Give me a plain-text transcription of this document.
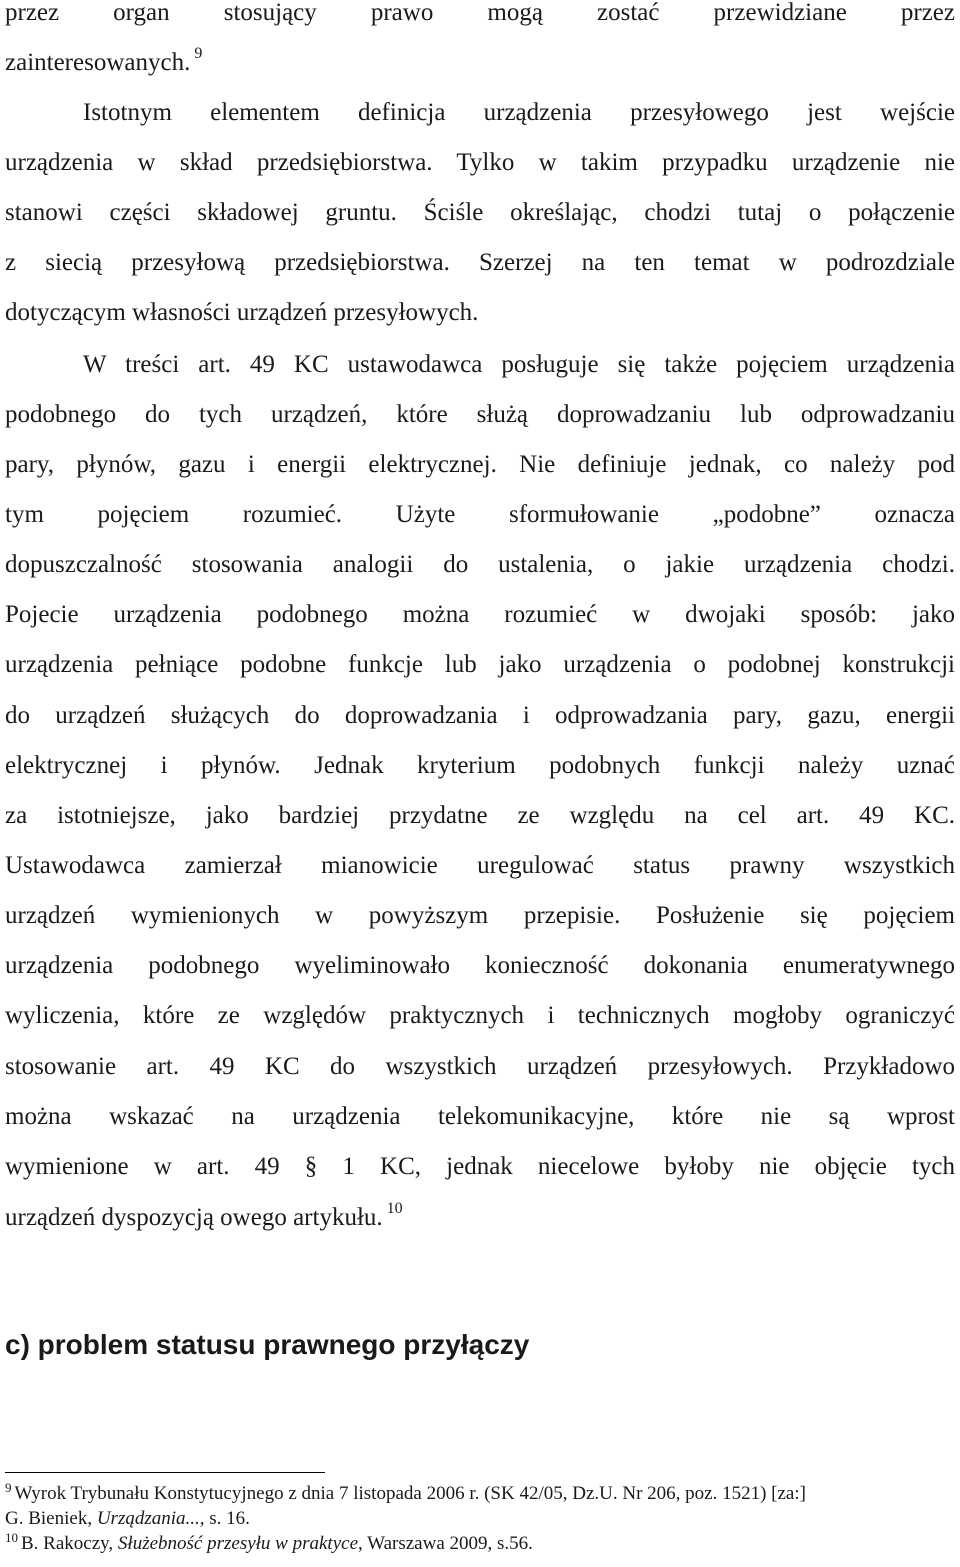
przez organ stosujący prawo mogą zostać przewidziane przez
zainteresowanych. $^9$
Istotnym elementem definicja urządzenia przesyłowego jest wejście
urządzenia w skład przedsiębiorstwa. Tylko w takim przypadku urządzenie nie
stanowi części składowej gruntu. Ściśle określając, chodzi tutaj o połączenie
z siecią przesyłową przedsiębiorstwa. Szerzej na ten temat w podrozdziale
dotyczącym własności urządzeń przesyłowych.
W treści art. 49 KC ustawodawca posługuje się także pojęciem urządzenia
podobnego do tych urządzeń, które służą doprowadzaniu lub odprowadzaniu
pary, płynów, gazu i energii elektrycznej. Nie definiuje jednak, co należy pod
tym pojęciem rozumieć. Użyte sformułowanie „podobne” oznacza
dopuszczalność stosowania analogii do ustalenia, o jakie urządzenia chodzi.
Pojecie urządzenia podobnego można rozumieć w dwojaki sposób: jako
urządzenia pełniące podobne funkcje lub jako urządzenia o podobnej konstrukcji
do urządzeń służących do doprowadzania i odprowadzania pary, gazu, energii
elektrycznej i płynów. Jednak kryterium podobnych funkcji należy uznać
za istotniejsze, jako bardziej przydatne ze względu na cel art. 49 KC.
Ustawodawca zamierzał mianowicie uregulować status prawny wszystkich
urządzeń wymienionych w powyższym przepisie. Posłużenie się pojęciem
urządzenia podobnego wyeliminowało konieczność dokonania enumeratywnego
wyliczenia, które ze względów praktycznych i technicznych mogłoby ograniczyć
stosowanie art. 49 KC do wszystkich urządzeń przesyłowych. Przykładowo
można wskazać na urządzenia telekomunikacyjne, które nie są wprost
wymienione w art. 49 § 1 KC, jednak niecelowe byłoby nie objęcie tych
urządzeń dyspozycją owego artykułu. $^{10}$
c) problem statusu prawnego przyłączy
$^9$ Wyrok Trybunału Konstytucyjnego z dnia 7 listopada 2006 r. (SK 42/05, Dz.U. Nr 206, poz. 1521) [za:]
G. Bieniek, Urządzania..., s. 16.
$^{10}$ B. Rakoczy, Służebność przesyłu w praktyce, Warszawa 2009, s.56.
